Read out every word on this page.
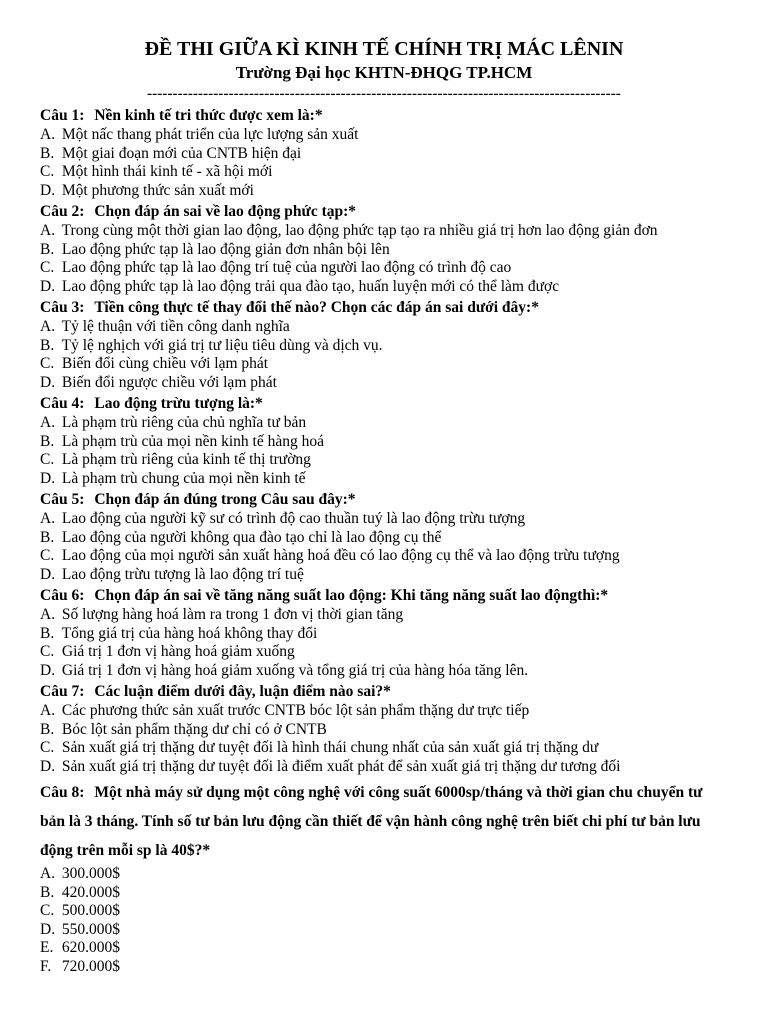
ĐỀ THI GIỮA KÌ KINH TẾ CHÍNH TRỊ MÁC LÊNIN
Trường Đại học KHTN-ĐHQG TP.HCM
---------------------------------------------------------------------------------------------
Câu 1: Nền kinh tế tri thức được xem là:*
A. Một nấc thang phát triển của lực lượng sản xuất
B. Một giai đoạn mới của CNTB hiện đại
C. Một hình thái kinh tế - xã hội mới
D. Một phương thức sản xuất mới
Câu 2: Chọn đáp án sai về lao động phức tạp:*
A. Trong cùng một thời gian lao động, lao động phức tạp tạo ra nhiều giá trị hơn lao động giản đơn
B. Lao động phức tạp là lao động giản đơn nhân bội lên
C. Lao động phức tạp là lao động trí tuệ của người lao động có trình độ cao
D. Lao động phức tạp là lao động trải qua đào tạo, huấn luyện mới có thể làm được
Câu 3: Tiền công thực tế thay đổi thế nào? Chọn các đáp án sai dưới đây:*
A. Tỷ lệ thuận với tiền công danh nghĩa
B. Tỷ lệ nghịch với giá trị tư liệu tiêu dùng và dịch vụ.
C. Biến đổi cùng chiều với lạm phát
D. Biến đổi ngược chiều với lạm phát
Câu 4: Lao động trừu tượng là:*
A. Là phạm trù riêng của chủ nghĩa tư bản
B. Là phạm trù của mọi nền kinh tế hàng hoá
C. Là phạm trù riêng của kinh tế thị trường
D. Là phạm trù chung của mọi nền kinh tế
Câu 5: Chọn đáp án đúng trong Câu sau đây:*
A. Lao động của người kỹ sư có trình độ cao thuần tuý là lao động trừu tượng
B. Lao động của người không qua đào tạo chỉ là lao động cụ thể
C. Lao động của mọi người sản xuất hàng hoá đều có lao động cụ thể và lao động trừu tượng
D. Lao động trừu tượng là lao động trí tuệ
Câu 6: Chọn đáp án sai về tăng năng suất lao động: Khi tăng năng suất lao độngthì:*
A. Số lượng hàng hoá làm ra trong 1 đơn vị thời gian tăng
B. Tổng giá trị của hàng hoá không thay đổi
C. Giá trị 1 đơn vị hàng hoá giảm xuống
D. Giá trị 1 đơn vị hàng hoá giảm xuống và tổng giá trị của hàng hóa tăng lên.
Câu 7: Các luận điểm dưới đây, luận điểm nào sai?*
A. Các phương thức sản xuất trước CNTB bóc lột sản phẩm thặng dư trực tiếp
B. Bóc lột sản phẩm thặng dư chỉ có ở CNTB
C. Sản xuất giá trị thặng dư tuyệt đối là hình thái chung nhất của sản xuất giá trị thặng dư
D. Sản xuất giá trị thặng dư tuyệt đối là điểm xuất phát để sản xuất giá trị thặng dư tương đối
Câu 8: Một nhà máy sử dụng một công nghệ với công suất 6000sp/tháng và thời gian chu chuyển tư bản là 3 tháng. Tính số tư bản lưu động cần thiết để vận hành công nghệ trên biết chi phí tư bản lưu động trên mỗi sp là 40$?*
A. 300.000$
B. 420.000$
C. 500.000$
D. 550.000$
E. 620.000$
F. 720.000$
